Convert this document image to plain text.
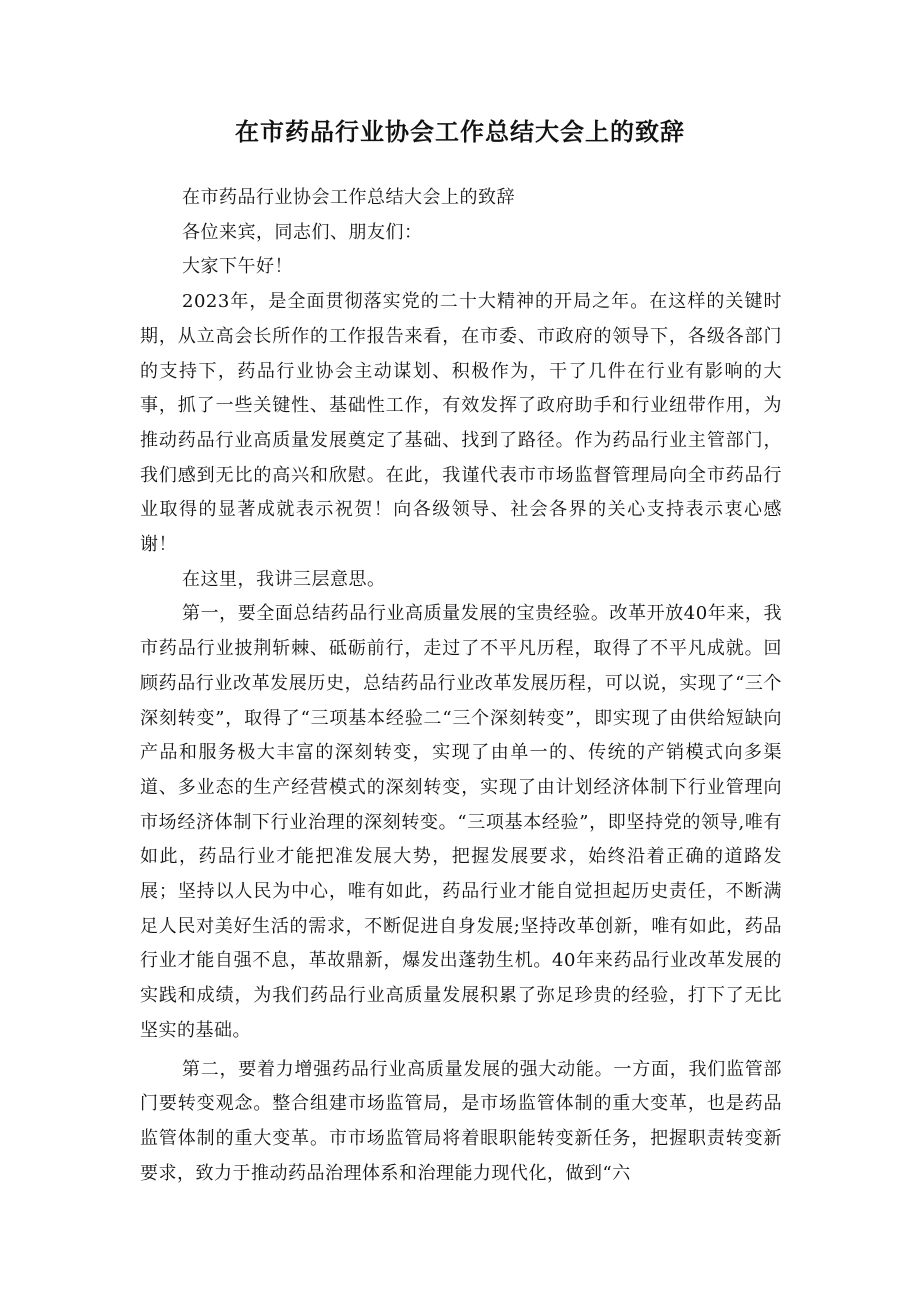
在市药品行业协会工作总结大会上的致辞

在市药品行业协会工作总结大会上的致辞

各位来宾，同志们、朋友们：

大家下午好！

2023年，是全面贯彻落实党的二十大精神的开局之年。在这样的关键时期，从立高会长所作的工作报告来看，在市委、市政府的领导下，各级各部门的支持下，药品行业协会主动谋划、积极作为，干了几件在行业有影响的大事，抓了一些关键性、基础性工作，有效发挥了政府助手和行业纽带作用，为推动药品行业高质量发展奠定了基础、找到了路径。作为药品行业主管部门，我们感到无比的高兴和欣慰。在此，我谨代表市市场监督管理局向全市药品行业取得的显著成就表示祝贺！向各级领导、社会各界的关心支持表示衷心感谢！

在这里，我讲三层意思。

第一，要全面总结药品行业高质量发展的宝贵经验。改革开放40年来，我市药品行业披荆斩棘、砥砺前行，走过了不平凡历程，取得了不平凡成就。回顾药品行业改革发展历史，总结药品行业改革发展历程，可以说，实现了“三个深刻转变”，取得了“三项基本经验二“三个深刻转变”，即实现了由供给短缺向产品和服务极大丰富的深刻转变，实现了由单一的、传统的产销模式向多渠道、多业态的生产经营模式的深刻转变，实现了由计划经济体制下行业管理向市场经济体制下行业治理的深刻转变。“三项基本经验”，即坚持党的领导,唯有如此，药品行业才能把准发展大势，把握发展要求，始终沿着正确的道路发展；坚持以人民为中心，唯有如此，药品行业才能自觉担起历史责任，不断满足人民对美好生活的需求，不断促进自身发展;坚持改革创新，唯有如此，药品行业才能自强不息，革故鼎新，爆发出蓬勃生机。40年来药品行业改革发展的实践和成绩，为我们药品行业高质量发展积累了弥足珍贵的经验，打下了无比坚实的基础。

第二，要着力增强药品行业高质量发展的强大动能。一方面，我们监管部门要转变观念。整合组建市场监管局，是市场监管体制的重大变革，也是药品监管体制的重大变革。市市场监管局将着眼职能转变新任务，把握职责转变新要求，致力于推动药品治理体系和治理能力现代化，做到“六
